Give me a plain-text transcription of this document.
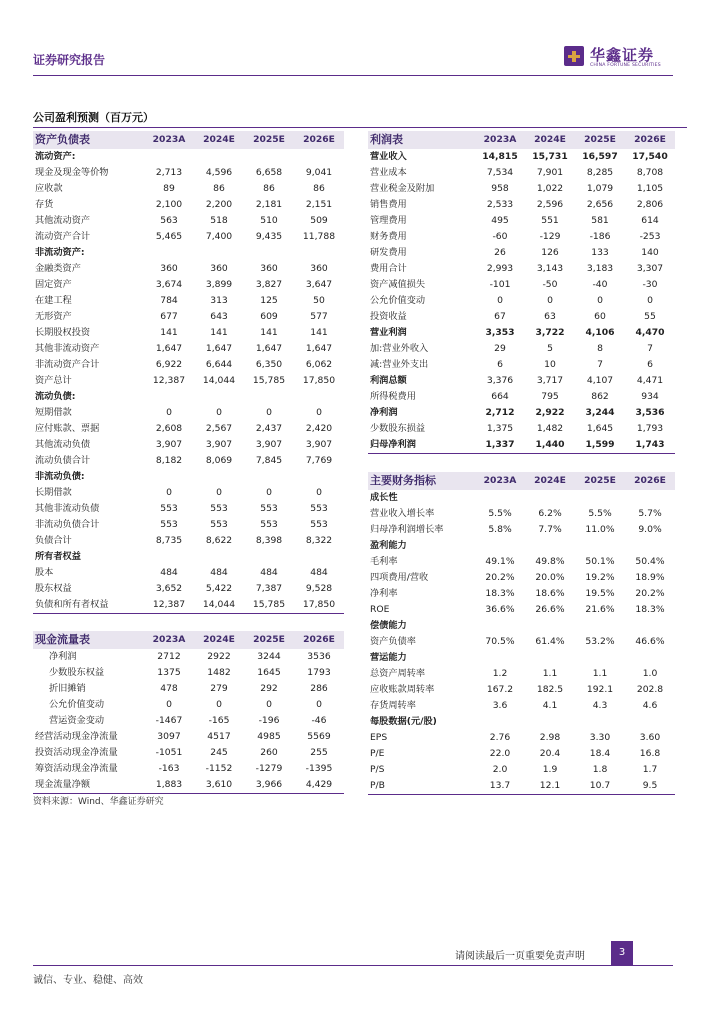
证券研究报告	华鑫证券
CHINA FORTUNE SECURITIES
公司盈利预测（百万元）
资产负债表	2023A	2024E	2025E	2026E
流动资产:				
现金及现金等价物	2,713	4,596	6,658	9,041
应收款	89	86	86	86
存货	2,100	2,200	2,181	2,151
其他流动资产	563	518	510	509
流动资产合计	5,465	7,400	9,435	11,788
非流动资产:				
金融类资产	360	360	360	360
固定资产	3,674	3,899	3,827	3,647
在建工程	784	313	125	50
无形资产	677	643	609	577
长期股权投资	141	141	141	141
其他非流动资产	1,647	1,647	1,647	1,647
非流动资产合计	6,922	6,644	6,350	6,062
资产总计	12,387	14,044	15,785	17,850
流动负债:				
短期借款	0	0	0	0
应付账款、票据	2,608	2,567	2,437	2,420
其他流动负债	3,907	3,907	3,907	3,907
流动负债合计	8,182	8,069	7,845	7,769
非流动负债:				
长期借款	0	0	0	0
其他非流动负债	553	553	553	553
非流动负债合计	553	553	553	553
负债合计	8,735	8,622	8,398	8,322
所有者权益				
股本	484	484	484	484
股东权益	3,652	5,422	7,387	9,528
负债和所有者权益	12,387	14,044	15,785	17,850
利润表	2023A	2024E	2025E	2026E
营业收入	14,815	15,731	16,597	17,540
营业成本	7,534	7,901	8,285	8,708
营业税金及附加	958	1,022	1,079	1,105
销售费用	2,533	2,596	2,656	2,806
管理费用	495	551	581	614
财务费用	-60	-129	-186	-253
研发费用	26	126	133	140
费用合计	2,993	3,143	3,183	3,307
资产减值损失	-101	-50	-40	-30
公允价值变动	0	0	0	0
投资收益	67	63	60	55
营业利润	3,353	3,722	4,106	4,470
加:营业外收入	29	5	8	7
减:营业外支出	6	10	7	6
利润总额	3,376	3,717	4,107	4,471
所得税费用	664	795	862	934
净利润	2,712	2,922	3,244	3,536
少数股东损益	1,375	1,482	1,645	1,793
归母净利润	1,337	1,440	1,599	1,743
主要财务指标	2023A	2024E	2025E	2026E
成长性				
营业收入增长率	5.5%	6.2%	5.5%	5.7%
归母净利润增长率	5.8%	7.7%	11.0%	9.0%
盈利能力				
毛利率	49.1%	49.8%	50.1%	50.4%
四项费用/营收	20.2%	20.0%	19.2%	18.9%
净利率	18.3%	18.6%	19.5%	20.2%
ROE	36.6%	26.6%	21.6%	18.3%
偿债能力				
资产负债率	70.5%	61.4%	53.2%	46.6%
营运能力				
总资产周转率	1.2	1.1	1.1	1.0
应收账款周转率	167.2	182.5	192.1	202.8
存货周转率	3.6	4.1	4.3	4.6
每股数据(元/股)				
EPS	2.76	2.98	3.30	3.60
P/E	22.0	20.4	18.4	16.8
P/S	2.0	1.9	1.8	1.7
P/B	13.7	12.1	10.7	9.5
现金流量表	2023A	2024E	2025E	2026E
净利润	2712	2922	3244	3536
少数股东权益	1375	1482	1645	1793
折旧摊销	478	279	292	286
公允价值变动	0	0	0	0
营运资金变动	-1467	-165	-196	-46
经营活动现金净流量	3097	4517	4985	5569
投资活动现金净流量	-1051	245	260	255
筹资活动现金净流量	-163	-1152	-1279	-1395
现金流量净额	1,883	3,610	3,966	4,429
资料来源：Wind、华鑫证券研究
请阅读最后一页重要免责声明	3
诚信、专业、稳健、高效
